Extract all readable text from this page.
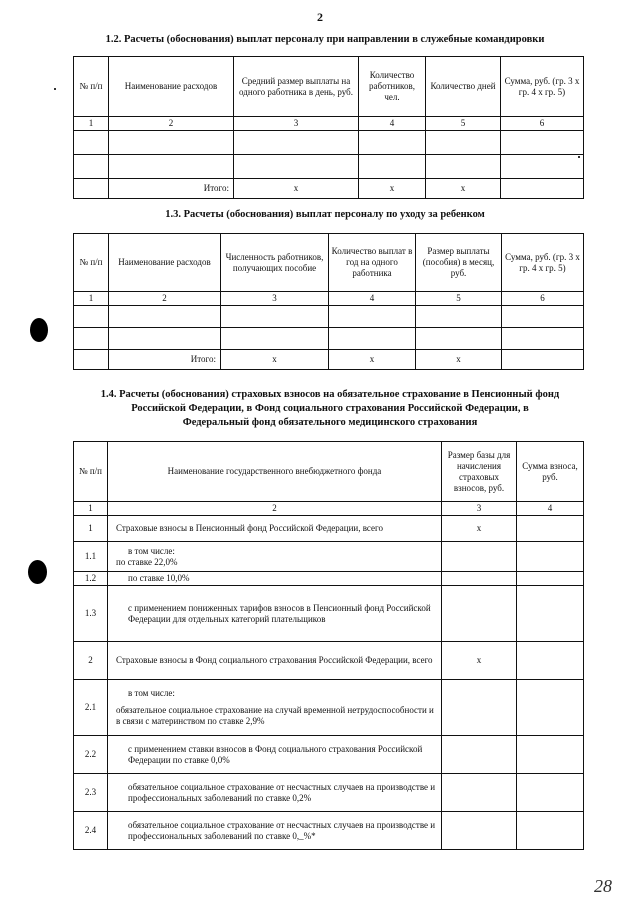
2
1.2. Расчеты (обоснования) выплат персоналу при направлении в служебные командировки
№ п/п	Наименование расходов	Средний размер выплаты на одного работника в день, руб.	Количество работников, чел.	Количество дней	Сумма, руб. (гр. 3 х гр. 4 х гр. 5)
1	2	3	4	5	6

	Итого:	x	x	x	
1.3. Расчеты (обоснования) выплат персоналу по уходу за ребенком
№ п/п	Наименование расходов	Численность работников, получающих пособие	Количество выплат в год на одного работника	Размер выплаты (пособия) в месяц, руб.	Сумма, руб. (гр. 3 х гр. 4 х гр. 5)
1	2	3	4	5	6

	Итого:	x	x	x	
1.4. Расчеты (обоснования) страховых взносов на обязательное страхование в Пенсионный фонд
Российской Федерации, в Фонд социального страхования Российской Федерации, в
Федеральный фонд обязательного медицинского страхования
№ п/п	Наименование государственного внебюджетного фонда	Размер базы для начисления страховых взносов, руб.	Сумма взноса, руб.
1	2	3	4
1	Страховые взносы в Пенсионный фонд Российской Федерации, всего	x	
1.1	в том числе:
по ставке 22,0%		

1.2	по ставке 10,0%		
1.3	с применением пониженных тарифов взносов в Пенсионный фонд Российской Федерации для отдельных категорий плательщиков		
2	Страховые взносы в Фонд социального страхования Российской Федерации, всего	x	
2.1	в том числе:
обязательное социальное страхование на случай временной нетрудоспособности и в связи с материнством по ставке 2,9%		

2.2	с применением ставки взносов в Фонд социального страхования Российской Федерации по ставке 0,0%		
2.3	обязательное социальное страхование от несчастных случаев на производстве и профессиональных заболеваний по ставке 0,2%		
2.4	обязательное социальное страхование от несчастных случаев на производстве и профессиональных заболеваний по ставке 0,_%*		
28
